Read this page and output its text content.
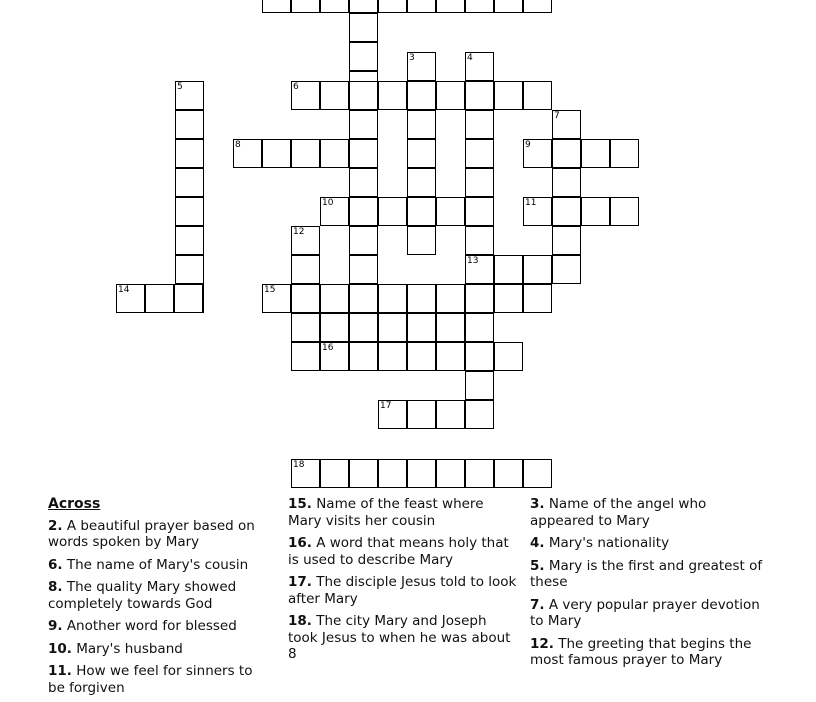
3	4
6
5
7
13
8	9
10	11
12
14	15
16
17
18
Across
2. A beautiful prayer based on words spoken by Mary
6. The name of Mary's cousin
8. The quality Mary showed completely towards God
9. Another word for blessed
10. Mary's husband
11. How we feel for sinners to be forgiven
15. Name of the feast where Mary visits her cousin
16. A word that means holy that is used to describe Mary
17. The disciple Jesus told to look after Mary
18. The city Mary and Joseph took Jesus to when he was about 8
3. Name of the angel who appeared to Mary
4. Mary's nationality
5. Mary is the first and greatest of these
7. A very popular prayer devotion to Mary
12. The greeting that begins the most famous prayer to Mary
